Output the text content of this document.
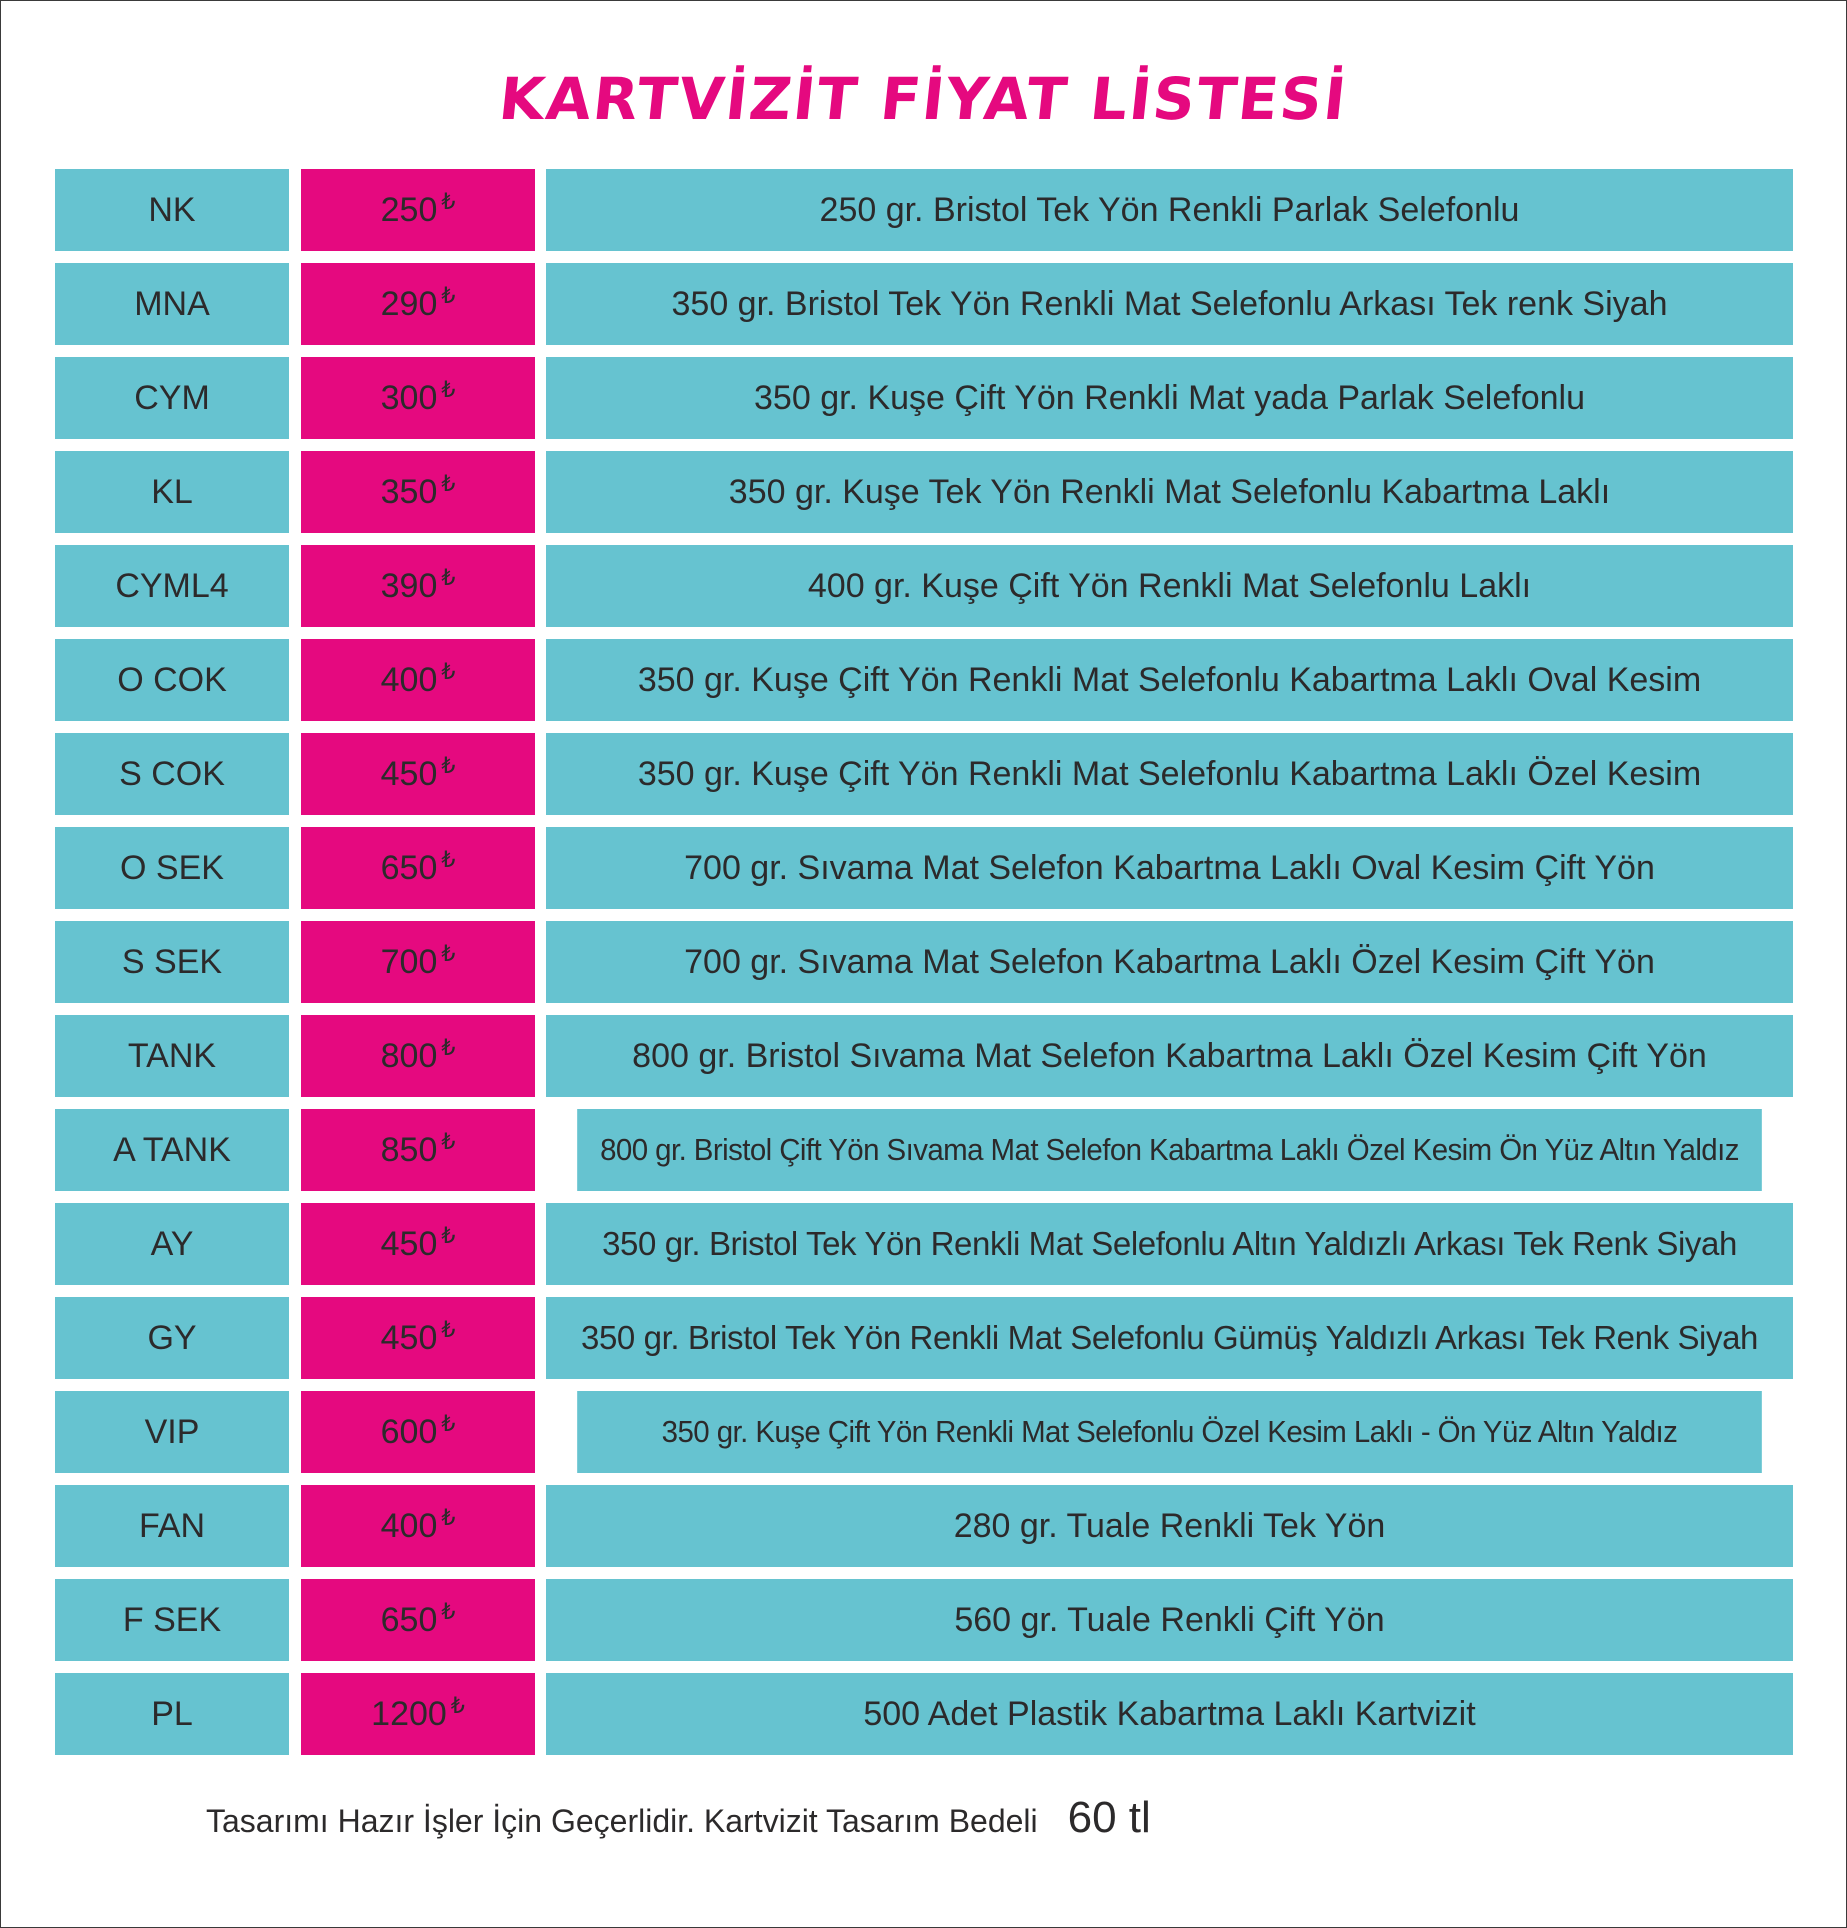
KARTVİZİT FİYAT LİSTESİ
NK	250 ₺	250 gr. Bristol Tek Yön Renkli Parlak Selefonlu
MNA	290 ₺	350 gr. Bristol Tek Yön Renkli Mat Selefonlu Arkası Tek renk Siyah
CYM	300 ₺	350 gr. Kuşe Çift Yön Renkli Mat yada Parlak Selefonlu
KL	350 ₺	350 gr. Kuşe Tek Yön Renkli Mat Selefonlu Kabartma Laklı
CYML4	390 ₺	400 gr. Kuşe Çift Yön Renkli Mat Selefonlu Laklı
O COK	400 ₺	350 gr. Kuşe Çift Yön Renkli Mat Selefonlu Kabartma Laklı Oval Kesim
S COK	450 ₺	350 gr. Kuşe Çift Yön Renkli Mat Selefonlu Kabartma Laklı Özel Kesim
O SEK	650 ₺	700 gr. Sıvama Mat Selefon Kabartma Laklı Oval Kesim Çift Yön
S SEK	700 ₺	700 gr. Sıvama Mat Selefon Kabartma Laklı Özel Kesim Çift Yön
TANK	800 ₺	800 gr. Bristol Sıvama Mat Selefon Kabartma Laklı Özel Kesim Çift Yön
A TANK	850 ₺	800 gr. Bristol Çift Yön Sıvama Mat Selefon Kabartma Laklı Özel Kesim Ön Yüz Altın Yaldız
AY	450 ₺	350 gr. Bristol Tek Yön Renkli Mat Selefonlu Altın Yaldızlı Arkası Tek Renk Siyah
GY	450 ₺	350 gr. Bristol Tek Yön Renkli Mat Selefonlu Gümüş Yaldızlı Arkası Tek Renk Siyah
VIP	600 ₺	350 gr. Kuşe Çift Yön Renkli Mat Selefonlu Özel Kesim Laklı - Ön Yüz Altın Yaldız
FAN	400 ₺	280 gr. Tuale Renkli Tek Yön
F SEK	650 ₺	560 gr. Tuale Renkli Çift Yön
PL	1200 ₺	500 Adet Plastik Kabartma Laklı Kartvizit
Tasarımı Hazır İşler İçin Geçerlidir. Kartvizit Tasarım Bedeli 60 tl
